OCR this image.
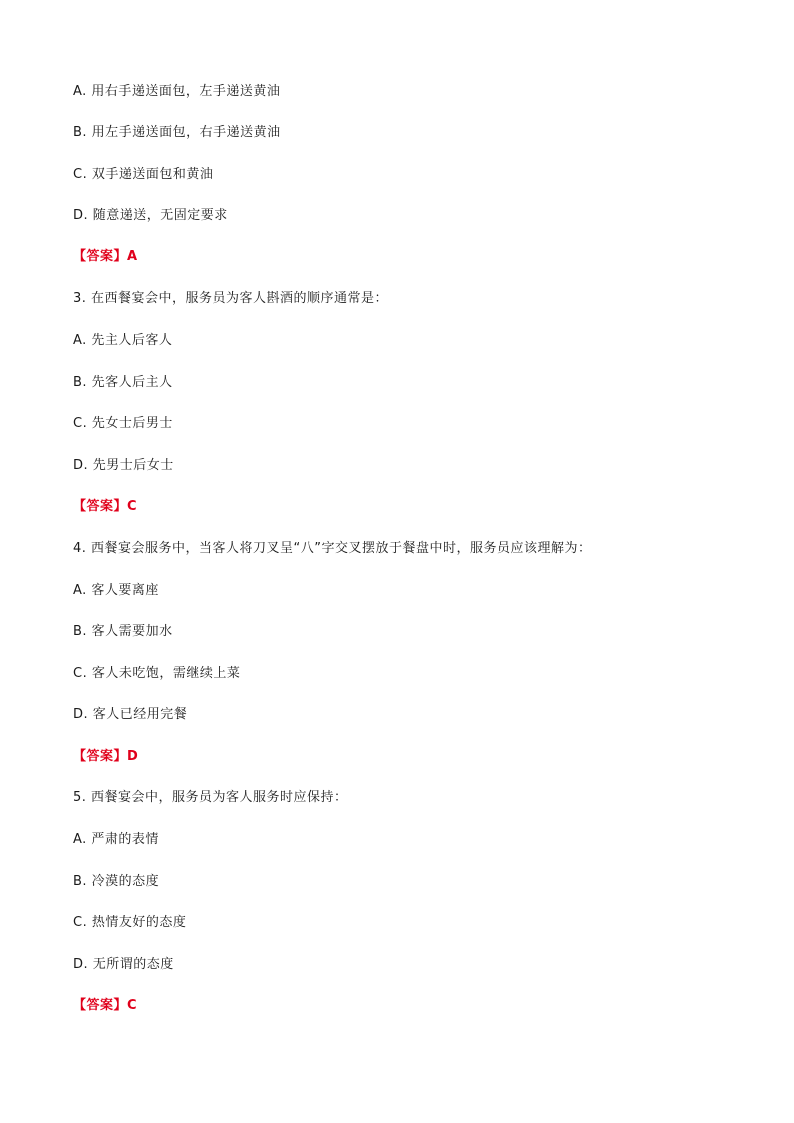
A. 用右手递送面包，左手递送黄油
B. 用左手递送面包，右手递送黄油
C. 双手递送面包和黄油
D. 随意递送，无固定要求
【答案】A
3. 在西餐宴会中，服务员为客人斟酒的顺序通常是：
A. 先主人后客人
B. 先客人后主人
C. 先女士后男士
D. 先男士后女士
【答案】C
4. 西餐宴会服务中，当客人将刀叉呈“八”字交叉摆放于餐盘中时，服务员应该理解为：
A. 客人要离座
B. 客人需要加水
C. 客人未吃饱，需继续上菜
D. 客人已经用完餐
【答案】D
5. 西餐宴会中，服务员为客人服务时应保持：
A. 严肃的表情
B. 冷漠的态度
C. 热情友好的态度
D. 无所谓的态度
【答案】C
